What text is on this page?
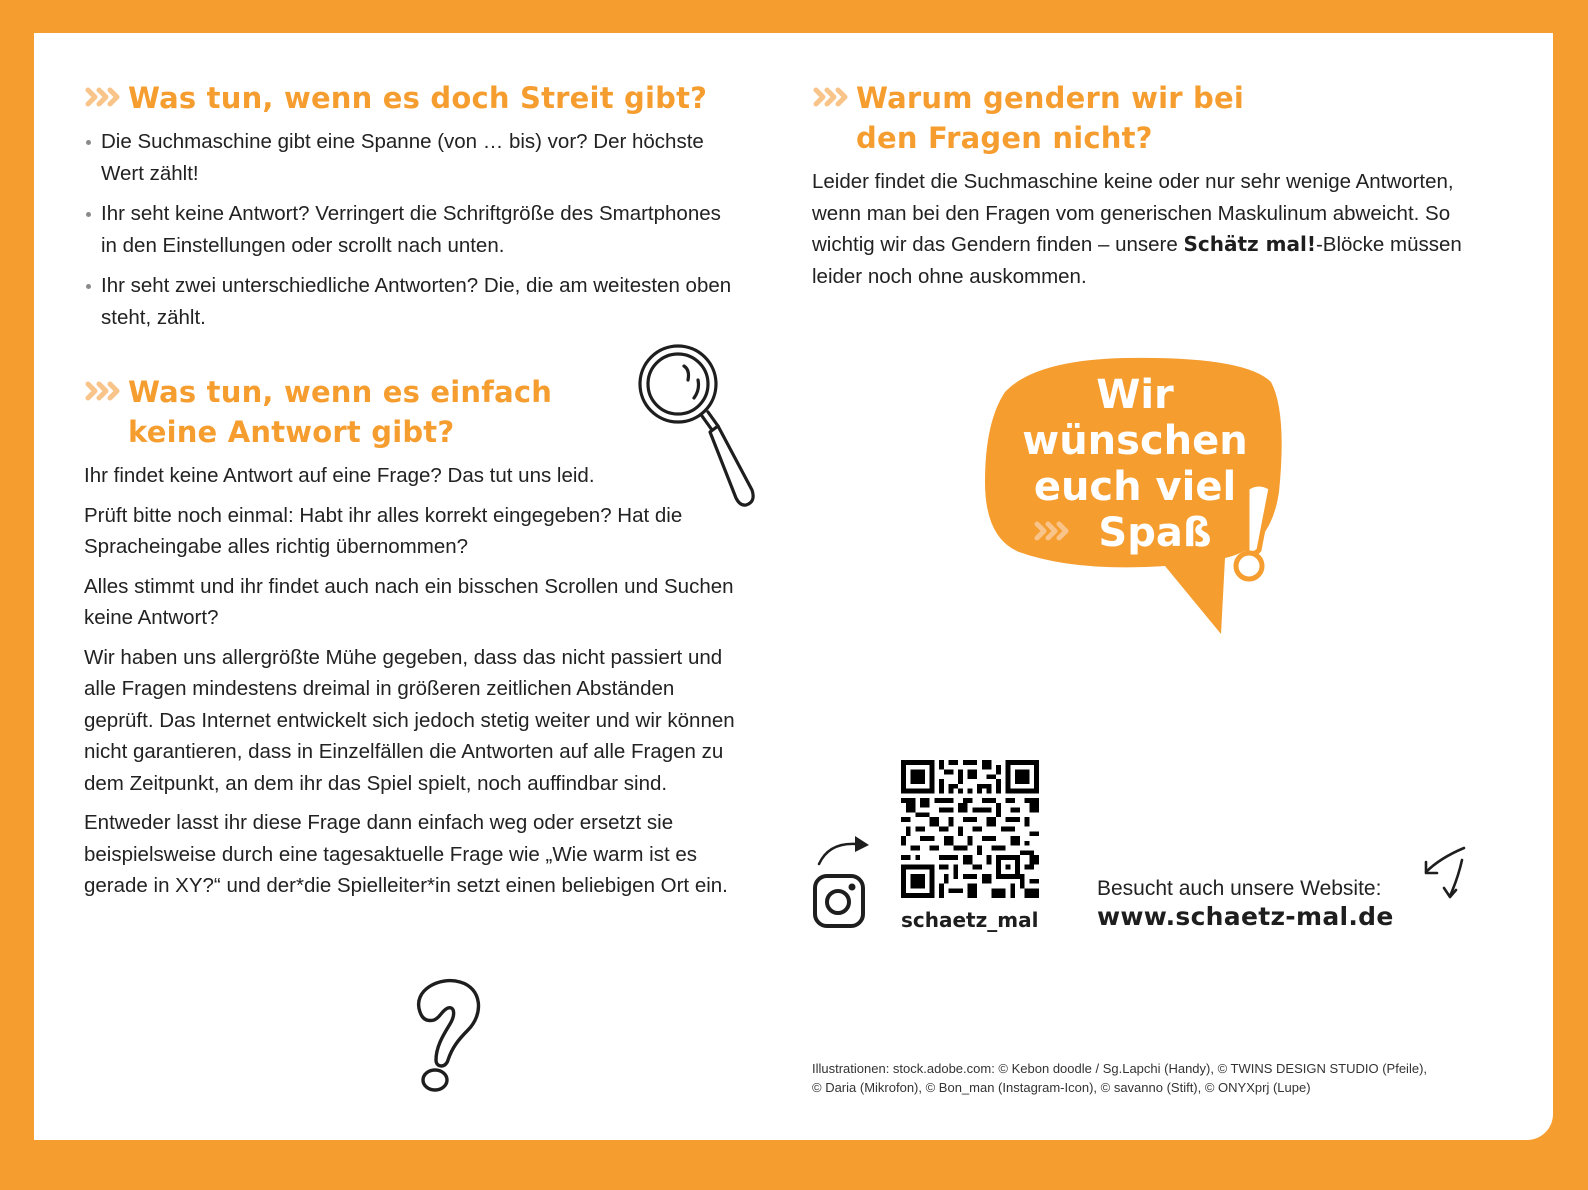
Was tun, wenn es doch Streit gibt?
Die Suchmaschine gibt eine Spanne (von … bis) vor? Der höchste Wert zählt!
Ihr seht keine Antwort? Verringert die Schriftgröße des Smartphones in den Einstellungen oder scrollt nach unten.
Ihr seht zwei unterschiedliche Antworten? Die, die am weitesten oben steht, zählt.
Was tun, wenn es einfach keine Antwort gibt?

Ihr findet keine Antwort auf eine Frage? Das tut uns leid.

Prüft bitte noch einmal: Habt ihr alles korrekt eingegeben? Hat die Spracheingabe alles richtig übernommen?

Alles stimmt und ihr findet auch nach ein bisschen Scrollen und Suchen keine Antwort?

Wir haben uns allergrößte Mühe gegeben, dass das nicht passiert und alle Fragen mindestens dreimal in größeren zeitlichen Abständen geprüft. Das Internet entwickelt sich jedoch stetig weiter und wir können nicht garantieren, dass in Einzelfällen die Antworten auf alle Fragen zu dem Zeitpunkt, an dem ihr das Spiel spielt, noch auffindbar sind.

Entweder lasst ihr diese Frage dann einfach weg oder ersetzt sie beispielsweise durch eine tagesaktuelle Frage wie „Wie warm ist es gerade in XY?“ und der*die Spielleiter*in setzt einen beliebigen Ort ein.

Warum gendern wir bei den Fragen nicht?

Leider findet die Suchmaschine keine oder nur sehr wenige Antworten, wenn man bei den Fragen vom generischen Maskulinum abweicht. So wichtig wir das Gendern finden – unsere Schätz mal!-Blöcke müssen leider noch ohne auskommen.

Wir
wünschen
euch viel
Spaß
schaetz_mal
Besucht auch unsere Website:
www.schaetz-mal.de
Illustrationen: stock.adobe.com: © Kebon doodle / Sg.Lapchi (Handy), © TWINS DESIGN STUDIO (Pfeile),
© Daria (Mikrofon), © Bon_man (Instagram-Icon), © savanno (Stift), © ONYXprj (Lupe)
